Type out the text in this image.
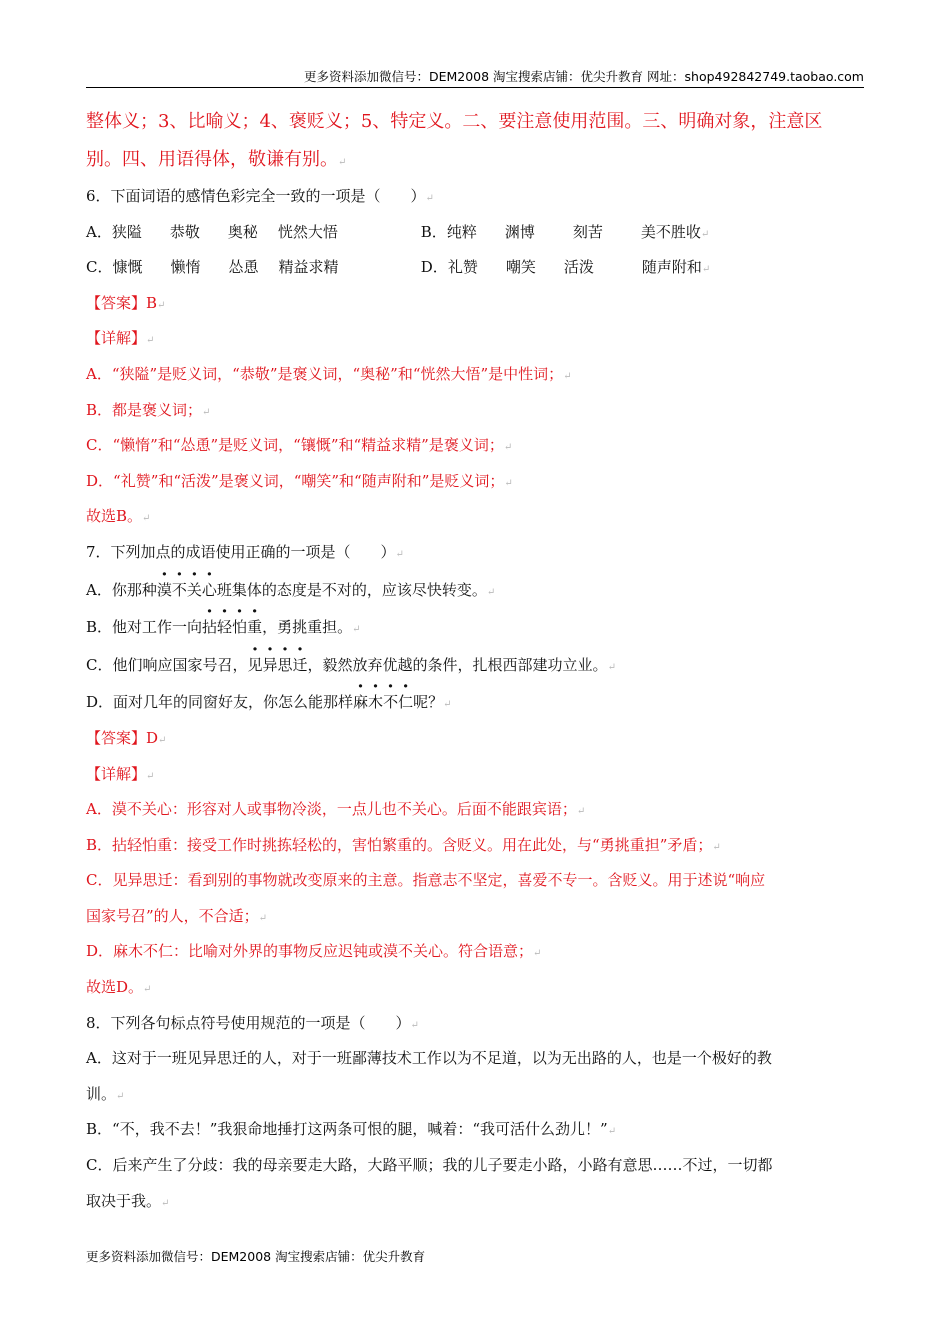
更多资料添加微信号：DEM2008 淘宝搜索店铺：优尖升教育 网址：shop492842749.taobao.com
整体义；3、比喻义；4、褒贬义；5、特定义。二、要注意使用范围。三、明确对象，注意区
别。四、用语得体，敬谦有别。↵
6．下面词语的感情色彩完全一致的一项是（　　）↵
A．狭隘 恭敬 奥秘 恍然大悟	B．纯粹 渊博	刻苦	美不胜收↵
C．慷慨 懒惰 怂恿 精益求精	D．礼赞 嘲笑 活泼	随声附和↵
【答案】B↵
【详解】↵
A．“狭隘”是贬义词，“恭敬”是褒义词，“奥秘”和“恍然大悟”是中性词；↵
B．都是褒义词；↵
C．“懒惰”和“怂恿”是贬义词，“镶慨”和“精益求精”是褒义词；↵
D．“礼赞”和“活泼”是褒义词，“嘲笑”和“随声附和”是贬义词；↵
故选B。↵
7．下列加点的成语使用正确的一项是（　　）↵
A．你那种漠不关心班集体的态度是不对的，应该尽快转变。↵
B．他对工作一向拈轻怕重，勇挑重担。↵
C．他们响应国家号召，见异思迁，毅然放弃优越的条件，扎根西部建功立业。↵
D．面对几年的同窗好友，你怎么能那样麻木不仁呢？↵
【答案】D↵
【详解】↵
A．漠不关心：形容对人或事物冷淡，一点儿也不关心。后面不能跟宾语；↵
B．拈轻怕重：接受工作时挑拣轻松的，害怕繁重的。含贬义。用在此处，与“勇挑重担”矛盾；↵
C．见异思迁：看到别的事物就改变原来的主意。指意志不坚定，喜爱不专一。含贬义。用于述说“响应
国家号召”的人，不合适；↵
D．麻木不仁：比喻对外界的事物反应迟钝或漠不关心。符合语意；↵
故选D。↵
8．下列各句标点符号使用规范的一项是（　　）↵
A．这对于一班见异思迁的人，对于一班鄙薄技术工作以为不足道，以为无出路的人，也是一个极好的教
训。↵
B．“不，我不去！”我狠命地捶打这两条可恨的腿，喊着：“我可活什么劲儿！”↵
C．后来产生了分歧：我的母亲要走大路，大路平顺；我的儿子要走小路，小路有意思……不过，一切都
取决于我。↵
更多资料添加微信号：DEM2008 淘宝搜索店铺：优尖升教育
